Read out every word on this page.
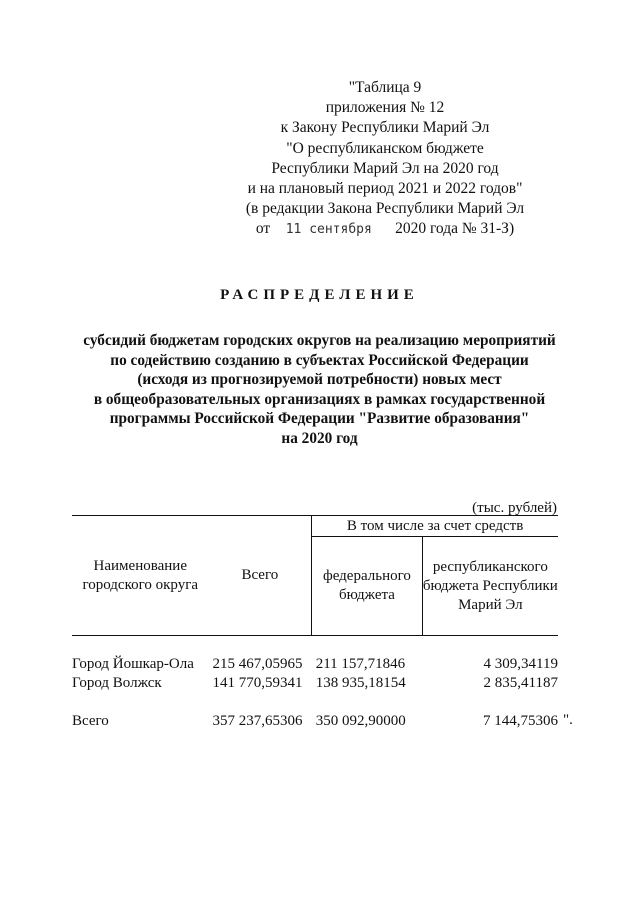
"Таблица 9
приложения № 12
к Закону Республики Марий Эл
"О республиканском бюджете
Республики Марий Эл на 2020 год
и на плановый период 2021 и 2022 годов"
(в редакции Закона Республики Марий Эл
от 11 сентября 2020 года № 31-З)
РАСПРЕДЕЛЕНИЕ
субсидий бюджетам городских округов на реализацию мероприятий
по содействию созданию в субъектах Российской Федерации
(исходя из прогнозируемой потребности) новых мест
в общеобразовательных организациях в рамках государственной
программы Российской Федерации "Развитие образования"
на 2020 год
(тыс. рублей)
Наименование городского округа	Всего	В том числе за счет средств	
		федерального бюджета	республиканского бюджета Республики Марий Эл

Город Йошкар-Ола	215 467,05965	211 157,71846	4 309,34119
Город Волжск	141 770,59341	138 935,18154	2 835,41187

Всего	357 237,65306	350 092,90000	7 144,75306 ".
